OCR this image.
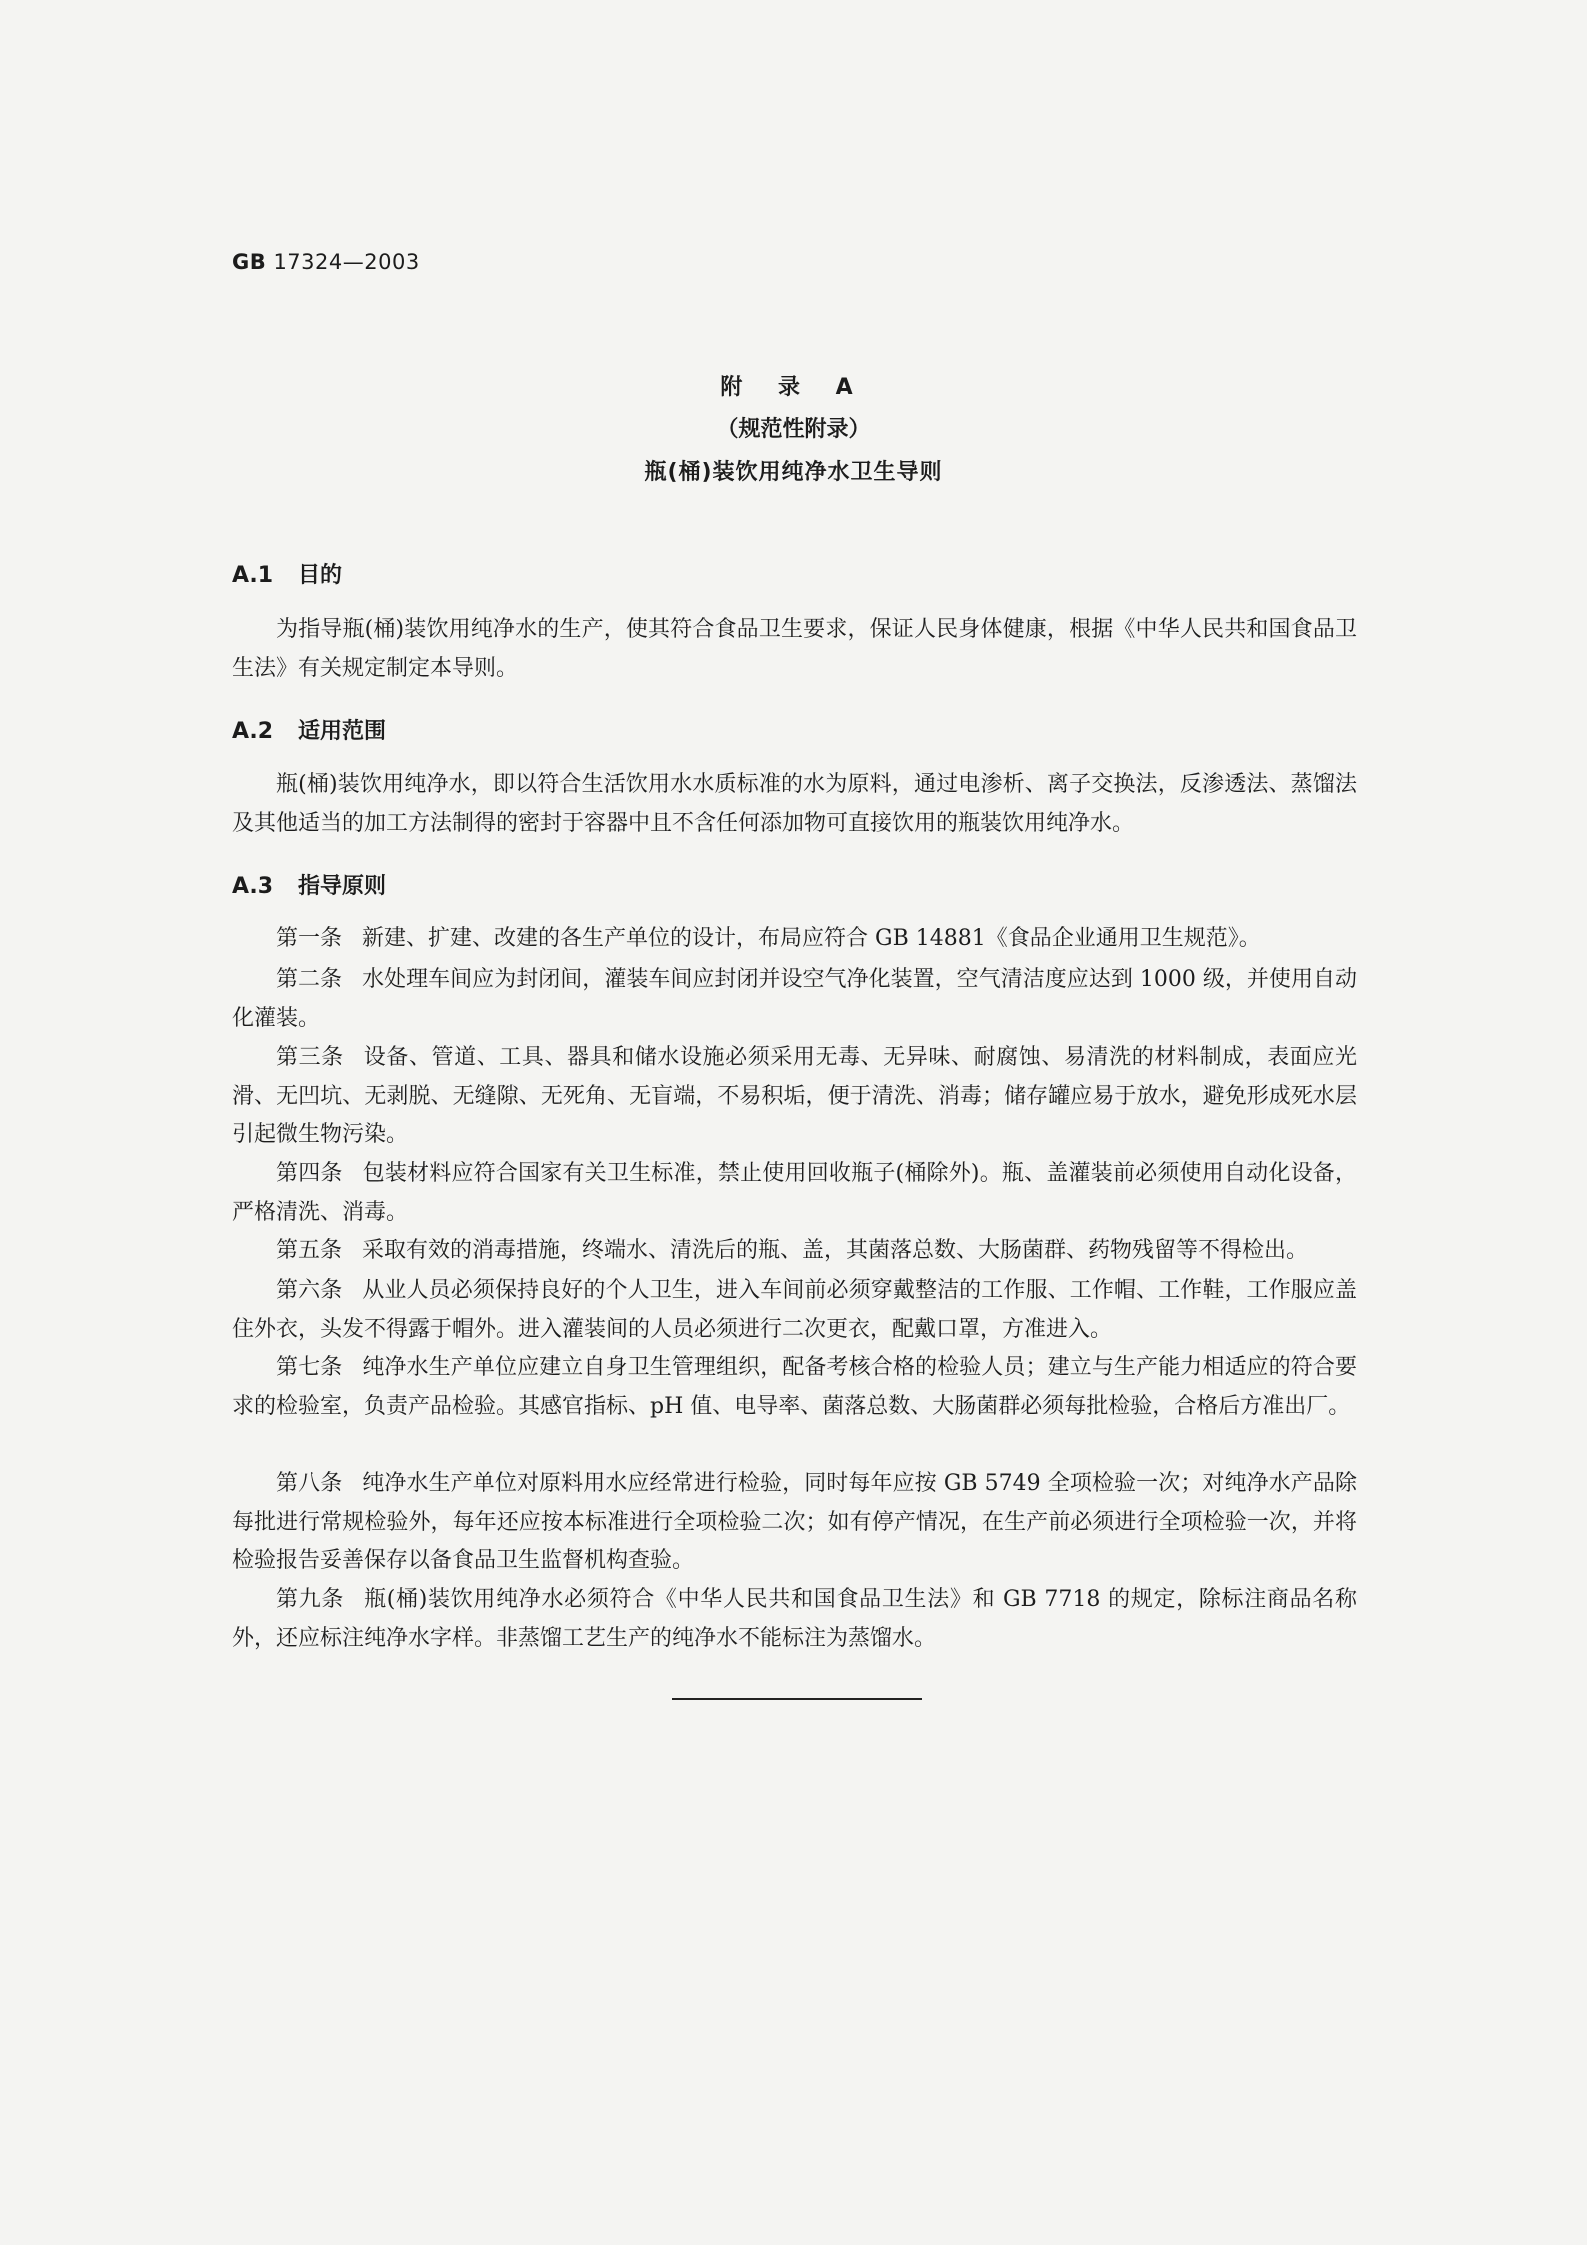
GB 17324—2003
附 录 A
（规范性附录）
瓶(桶)装饮用纯净水卫生导则
A.1 目的
为指导瓶(桶)装饮用纯净水的生产，使其符合食品卫生要求，保证人民身体健康，根据《中华人民共和国食品卫生法》有关规定制定本导则。
A.2 适用范围
瓶(桶)装饮用纯净水，即以符合生活饮用水水质标准的水为原料，通过电渗析、离子交换法，反渗透法、蒸馏法及其他适当的加工方法制得的密封于容器中且不含任何添加物可直接饮用的瓶装饮用纯净水。
A.3 指导原则
第一条 新建、扩建、改建的各生产单位的设计，布局应符合 GB 14881《食品企业通用卫生规范》。
第二条 水处理车间应为封闭间，灌装车间应封闭并设空气净化装置，空气清洁度应达到 1000 级，并使用自动化灌装。
第三条 设备、管道、工具、器具和储水设施必须采用无毒、无异味、耐腐蚀、易清洗的材料制成，表面应光滑、无凹坑、无剥脱、无缝隙、无死角、无盲端，不易积垢，便于清洗、消毒；储存罐应易于放水，避免形成死水层引起微生物污染。
第四条 包装材料应符合国家有关卫生标准，禁止使用回收瓶子(桶除外)。瓶、盖灌装前必须使用自动化设备，严格清洗、消毒。
第五条 采取有效的消毒措施，终端水、清洗后的瓶、盖，其菌落总数、大肠菌群、药物残留等不得检出。
第六条 从业人员必须保持良好的个人卫生，进入车间前必须穿戴整洁的工作服、工作帽、工作鞋，工作服应盖住外衣，头发不得露于帽外。进入灌装间的人员必须进行二次更衣，配戴口罩，方准进入。
第七条 纯净水生产单位应建立自身卫生管理组织，配备考核合格的检验人员；建立与生产能力相适应的符合要求的检验室，负责产品检验。其感官指标、pH 值、电导率、菌落总数、大肠菌群必须每批检验，合格后方准出厂。
第八条 纯净水生产单位对原料用水应经常进行检验，同时每年应按 GB 5749 全项检验一次；对纯净水产品除每批进行常规检验外，每年还应按本标准进行全项检验二次；如有停产情况，在生产前必须进行全项检验一次，并将检验报告妥善保存以备食品卫生监督机构查验。
第九条 瓶(桶)装饮用纯净水必须符合《中华人民共和国食品卫生法》和 GB 7718 的规定，除标注商品名称外，还应标注纯净水字样。非蒸馏工艺生产的纯净水不能标注为蒸馏水。
